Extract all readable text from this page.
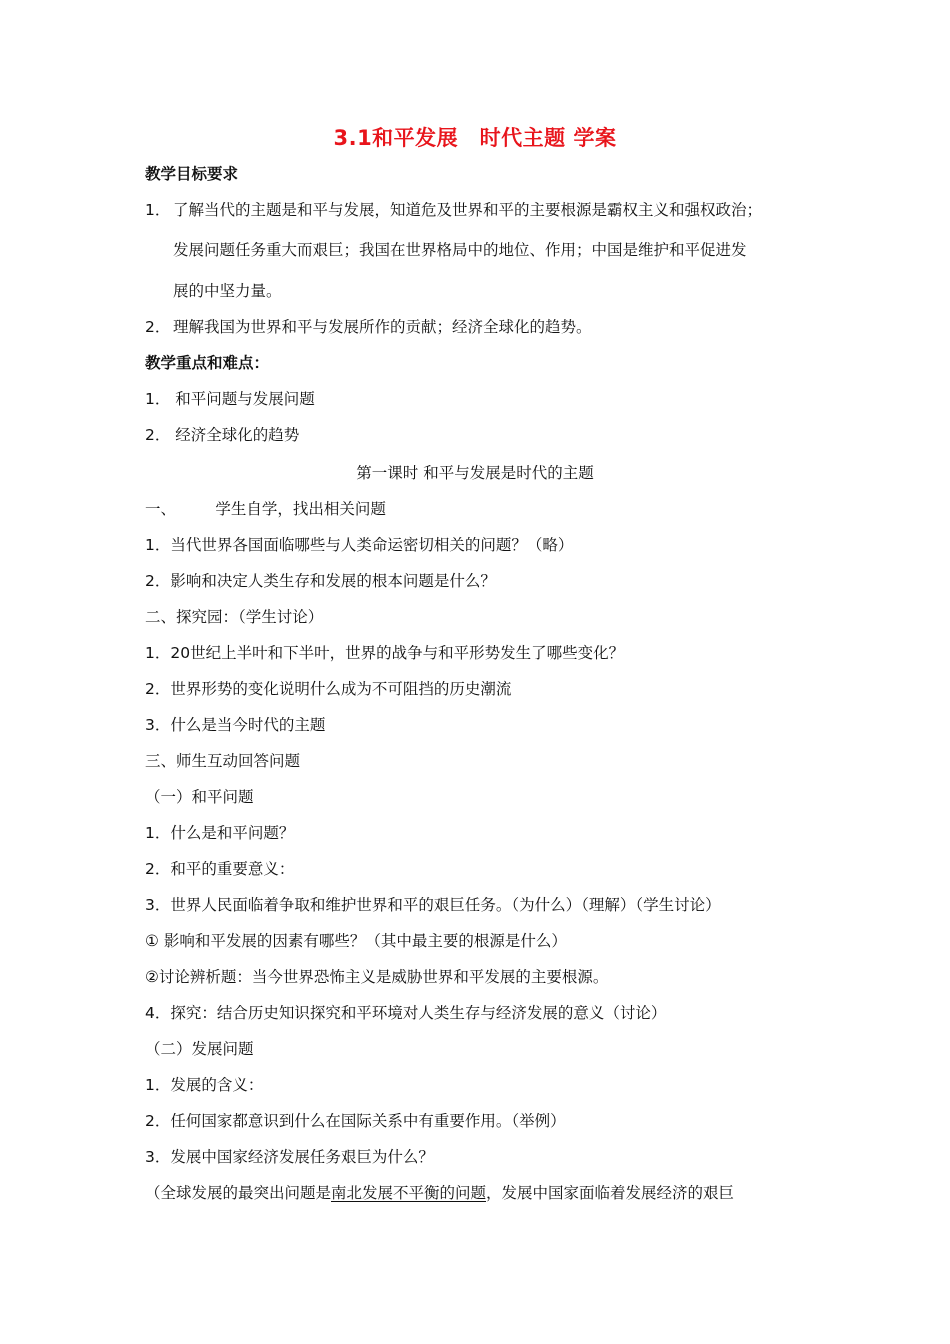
3.1和平发展　时代主题 学案
教学目标要求
1． 了解当代的主题是和平与发展，知道危及世界和平的主要根源是霸权主义和强权政治；
发展问题任务重大而艰巨；我国在世界格局中的地位、作用；中国是维护和平促进发
展的中坚力量。
2． 理解我国为世界和平与发展所作的贡献；经济全球化的趋势。
教学重点和难点：
1． 和平问题与发展问题
2． 经济全球化的趋势
第一课时 和平与发展是时代的主题
一、        学生自学，找出相关问题
1．当代世界各国面临哪些与人类命运密切相关的问题？（略）
2．影响和决定人类生存和发展的根本问题是什么？
二、探究园：（学生讨论）
1．20世纪上半叶和下半叶，世界的战争与和平形势发生了哪些变化？
2．世界形势的变化说明什么成为不可阻挡的历史潮流
3．什么是当今时代的主题
三、师生互动回答问题
（一）和平问题
1．什么是和平问题？
2．和平的重要意义：
3．世界人民面临着争取和维护世界和平的艰巨任务。（为什么）（理解）（学生讨论）
① 影响和平发展的因素有哪些？（其中最主要的根源是什么）
②讨论辨析题：当今世界恐怖主义是威胁世界和平发展的主要根源。
4．探究：结合历史知识探究和平环境对人类生存与经济发展的意义（讨论）
（二）发展问题
1．发展的含义：
2．任何国家都意识到什么在国际关系中有重要作用。（举例）
3．发展中国家经济发展任务艰巨为什么？
（全球发展的最突出问题是南北发展不平衡的问题，发展中国家面临着发展经济的艰巨
